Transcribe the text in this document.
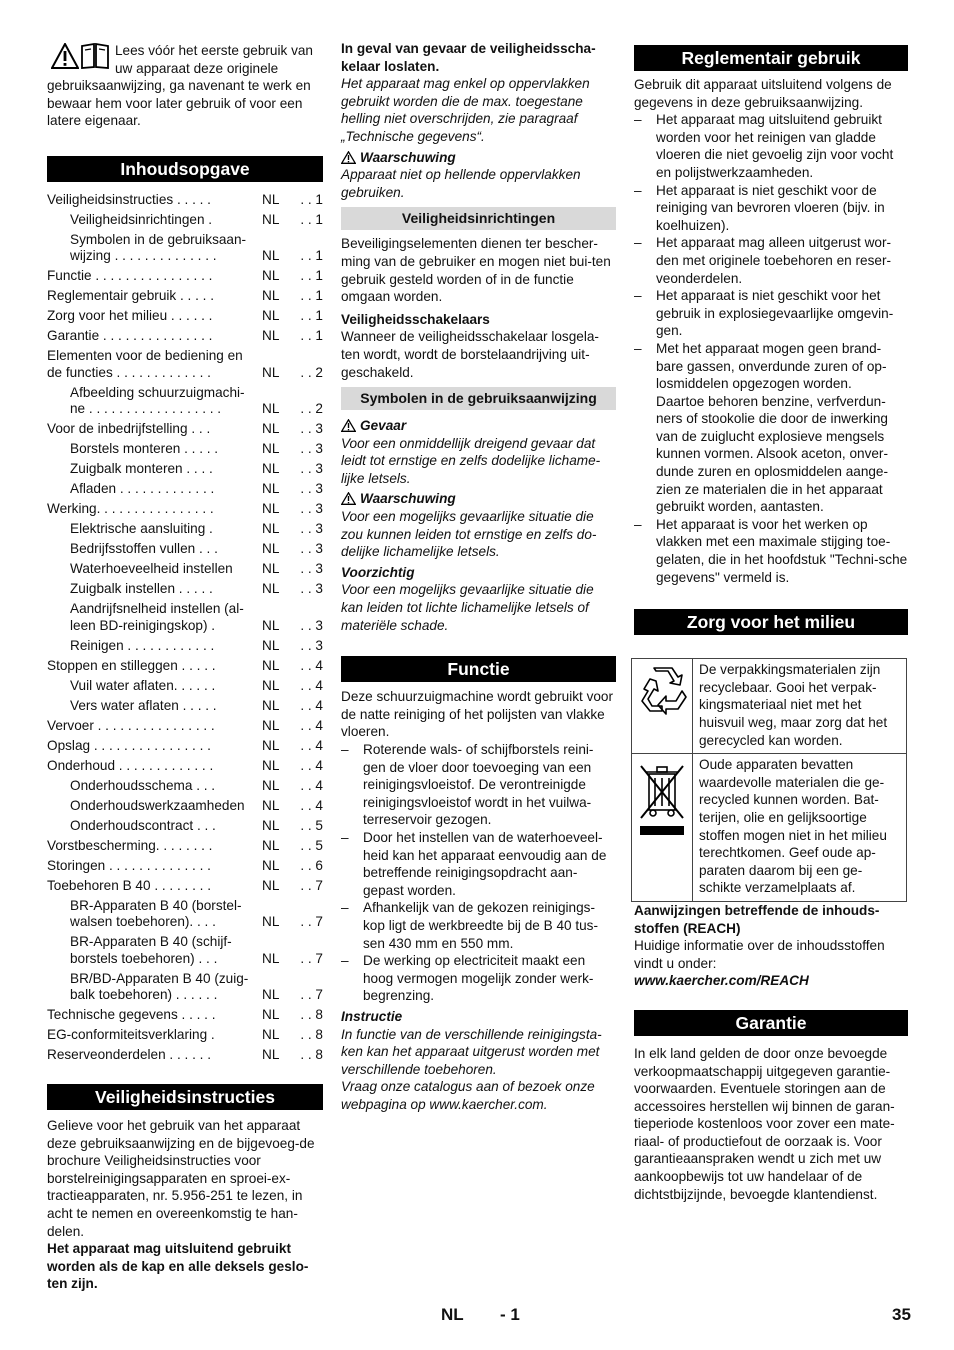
Lees vóór het eerste gebruik van uw apparaat deze originele gebruiksaanwijzing, ga navenant te werk en bewaar hem voor later gebruik of voor een latere eigenaar.

Inhoudsopgave
Veiligheidsinstructies . . . . .	NL	. . 1
Veiligheidsinrichtingen .	NL	. . 1
Symbolen in de gebruiksaan-wijzing . . . . . . . . . . . . . .	NL	. . 1
Functie . . . . . . . . . . . . . . . .	NL	. . 1
Reglementair gebruik . . . . .	NL	. . 1
Zorg voor het milieu . . . . . .	NL	. . 1
Garantie . . . . . . . . . . . . . . .	NL	. . 1
Elementen voor de bediening en de functies . . . . . . . . . . . . .	NL	. . 2
Afbeelding schuurzuigmachi-ne . . . . . . . . . . . . . . . . . .	NL	. . 2
Voor de inbedrijfstelling . . .	NL	. . 3
Borstels monteren . . . . .	NL	. . 3
Zuigbalk monteren . . . .	NL	. . 3
Afladen . . . . . . . . . . . . .	NL	. . 3
Werking. . . . . . . . . . . . . . . .	NL	. . 3
Elektrische aansluiting .	NL	. . 3
Bedrijfsstoffen vullen . . .	NL	. . 3
Waterhoeveelheid instellen	NL	. . 3
Zuigbalk instellen . . . . .	NL	. . 3
Aandrijfsnelheid instellen (al-leen BD-reinigingskop) .	NL	. . 3
Reinigen . . . . . . . . . . . .	NL	. . 3
Stoppen en stilleggen . . . . .	NL	. . 4
Vuil water aflaten. . . . . .	NL	. . 4
Vers water aflaten . . . . .	NL	. . 4
Vervoer . . . . . . . . . . . . . . . .	NL	. . 4
Opslag . . . . . . . . . . . . . . . .	NL	. . 4
Onderhoud . . . . . . . . . . . . .	NL	. . 4
Onderhoudsschema . . .	NL	. . 4
Onderhoudswerkzaamheden	NL	. . 4
Onderhoudscontract . . .	NL	. . 5
Vorstbescherming. . . . . . . .	NL	. . 5
Storingen . . . . . . . . . . . . . .	NL	. . 6
Toebehoren B 40 . . . . . . . .	NL	. . 7
BR-Apparaten B 40 (borstel-walsen toebehoren). . . .	NL	. . 7
BR-Apparaten B 40 (schijf-borstels toebehoren) . . .	NL	. . 7
BR/BD-Apparaten B 40 (zuig-balk toebehoren) . . . . . .	NL	. . 7
Technische gegevens . . . . .	NL	. . 8
EG-conformiteitsverklaring .	NL	. . 8
Reserveonderdelen . . . . . .	NL	. . 8
Veiligheidsinstructies

Gelieve voor het gebruik van het apparaat deze gebruiksaanwijzing en de bijgevoeg-de brochure Veiligheidsinstructies voor borstelreinigingsapparaten en sproei-ex-tractieapparaten, nr. 5.956-251 te lezen, in acht te nemen en overeenkomstig te han-delen.

Het apparaat mag uitsluitend gebruikt worden als de kap en alle deksels geslo-ten zijn.

In geval van gevaar de veiligheidsscha-kelaar loslaten.

Het apparaat mag enkel op oppervlakken gebruikt worden die de max. toegestane helling niet overschrijden, zie paragraaf „Technische gegevens“.

Waarschuwing

Apparaat niet op hellende oppervlakken gebruiken.

Veiligheidsinrichtingen

Beveiligingselementen dienen ter bescher-ming van de gebruiker en mogen niet bui-ten gebruik gesteld worden of in de functie omgaan worden.

Veiligheidsschakelaars

Wanneer de veiligheidsschakelaar losgela-ten wordt, wordt de borstelaandrijving uit-geschakeld.

Symbolen in de gebruiksaanwijzing

Gevaar

Voor een onmiddellijk dreigend gevaar dat leidt tot ernstige en zelfs dodelijke lichame-lijke letsels.

Waarschuwing

Voor een mogelijks gevaarlijke situatie die zou kunnen leiden tot ernstige en zelfs do-delijke lichamelijke letsels.

Voorzichtig

Voor een mogelijks gevaarlijke situatie die kan leiden tot lichte lichamelijke letsels of materiële schade.

Functie

Deze schuurzuigmachine wordt gebruikt voor de natte reiniging of het polijsten van vlakke vloeren.

– Roterende wals- of schijfborstels reini-gen de vloer door toevoeging van een reinigingsvloeistof. De verontreinigde reinigingsvloeistof wordt in het vuilwa-terreservoir gezogen.
– Door het instellen van de waterhoeveel-heid kan het apparaat eenvoudig aan de betreffende reinigingsopdracht aan-gepast worden.
– Afhankelijk van de gekozen reinigings-kop ligt de werkbreedte bij de B 40 tus-sen 430 mm en 550 mm.
– De werking op electriciteit maakt een hoog vermogen mogelijk zonder werk-begrenzing.

Instructie

In functie van de verschillende reinigingsta-ken kan het apparaat uitgerust worden met verschillende toebehoren.

Vraag onze catalogus aan of bezoek onze webpagina op www.kaercher.com.

Reglementair gebruik

Gebruik dit apparaat uitsluitend volgens de gegevens in deze gebruiksaanwijzing.

– Het apparaat mag uitsluitend gebruikt worden voor het reinigen van gladde vloeren die niet gevoelig zijn voor vocht en polijstwerkzaamheden.
– Het apparaat is niet geschikt voor de reiniging van bevroren vloeren (bijv. in koelhuizen).
– Het apparaat mag alleen uitgerust wor-den met originele toebehoren en reser-veonderdelen.
– Het apparaat is niet geschikt voor het gebruik in explosiegevaarlijke omgevin-gen.
– Met het apparaat mogen geen brand-bare gassen, onverdunde zuren of op-losmiddelen opgezogen worden.
Daartoe behoren benzine, verfverdun-ners of stookolie die door de inwerking van de zuiglucht explosieve mengsels kunnen vormen. Alsook aceton, onver-dunde zuren en oplosmiddelen aange-zien ze materialen die in het apparaat gebruikt worden, aantasten.
– Het apparaat is voor het werken op vlakken met een maximale stijging toe-gelaten, die in het hoofdstuk "Techni-sche gegevens" vermeld is.
Zorg voor het milieu
	De verpakkingsmaterialen zijn recyclebaar. Gooi het verpak-kingsmateriaal niet met het huisvuil weg, maar zorg dat het gerecycled kan worden.
	Oude apparaten bevatten waardevolle materialen die ge-recycled kunnen worden. Bat-terijen, olie en gelijksoortige stoffen mogen niet in het milieu terechtkomen. Geef oude ap-paraten daarom bij een ge-schikte verzamelplaats af.

Aanwijzingen betreffende de inhouds-stoffen (REACH)

Huidige informatie over de inhoudsstoffen vindt u onder:

www.kaercher.com/REACH

Garantie

In elk land gelden de door onze bevoegde verkoopmaatschappij uitgegeven garantie-voorwaarden. Eventuele storingen aan de accessoires herstellen wij binnen de garan-tieperiode kostenloos voor zover een mate-riaal- of productiefout de oorzaak is. Voor garantieaanspraken wendt u zich met uw aankoopbewijs tot uw handelaar of de dichtstbijzijnde, bevoegde klantendienst.

NL - 1	35
